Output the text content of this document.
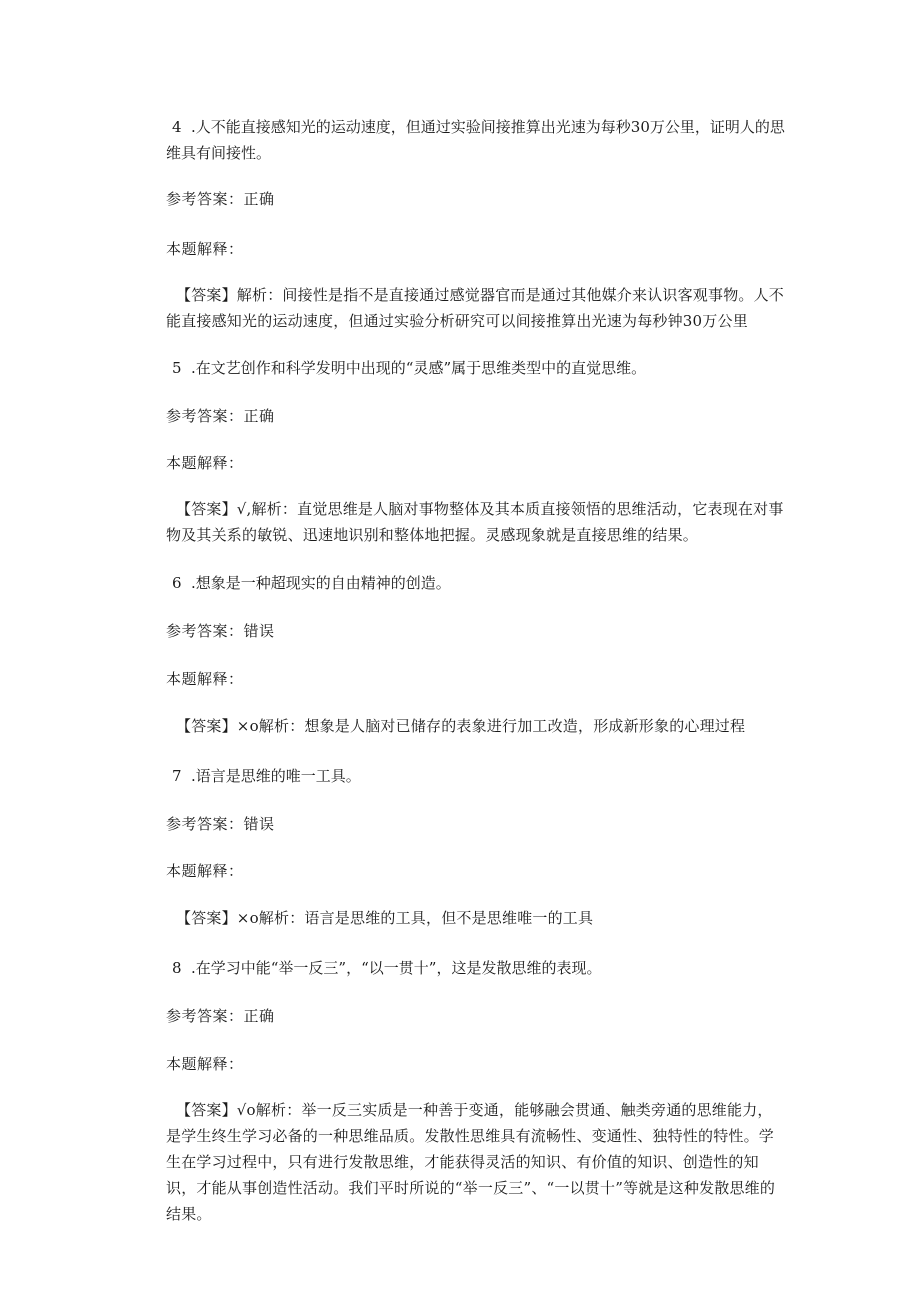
4 .人不能直接感知光的运动速度，但通过实验间接推算出光速为每秒30万公里，证明人的思维具有间接性。
参考答案：正确
本题解释：
【答案】解析：间接性是指不是直接通过感觉器官而是通过其他媒介来认识客观事物。人不能直接感知光的运动速度，但通过实验分析研究可以间接推算出光速为每秒钟30万公里
5 .在文艺创作和科学发明中出现的“灵感”属于思维类型中的直觉思维。
参考答案：正确
本题解释：
【答案】√,解析：直觉思维是人脑对事物整体及其本质直接领悟的思维活动，它表现在对事物及其关系的敏锐、迅速地识别和整体地把握。灵感现象就是直接思维的结果。
6 .想象是一种超现实的自由精神的创造。
参考答案：错误
本题解释：
【答案】×o解析：想象是人脑对已储存的表象进行加工改造，形成新形象的心理过程
7 .语言是思维的唯一工具。
参考答案：错误
本题解释：
【答案】×o解析：语言是思维的工具，但不是思维唯一的工具
8 .在学习中能“举一反三”，“以一贯十”，这是发散思维的表现。
参考答案：正确
本题解释：
【答案】√o解析：举一反三实质是一种善于变通，能够融会贯通、触类旁通的思维能力，是学生终生学习必备的一种思维品质。发散性思维具有流畅性、变通性、独特性的特性。学生在学习过程中，只有进行发散思维，才能获得灵活的知识、有价值的知识、创造性的知识，才能从事创造性活动。我们平时所说的“举一反三”、“一以贯十”等就是这种发散思维的结果。
